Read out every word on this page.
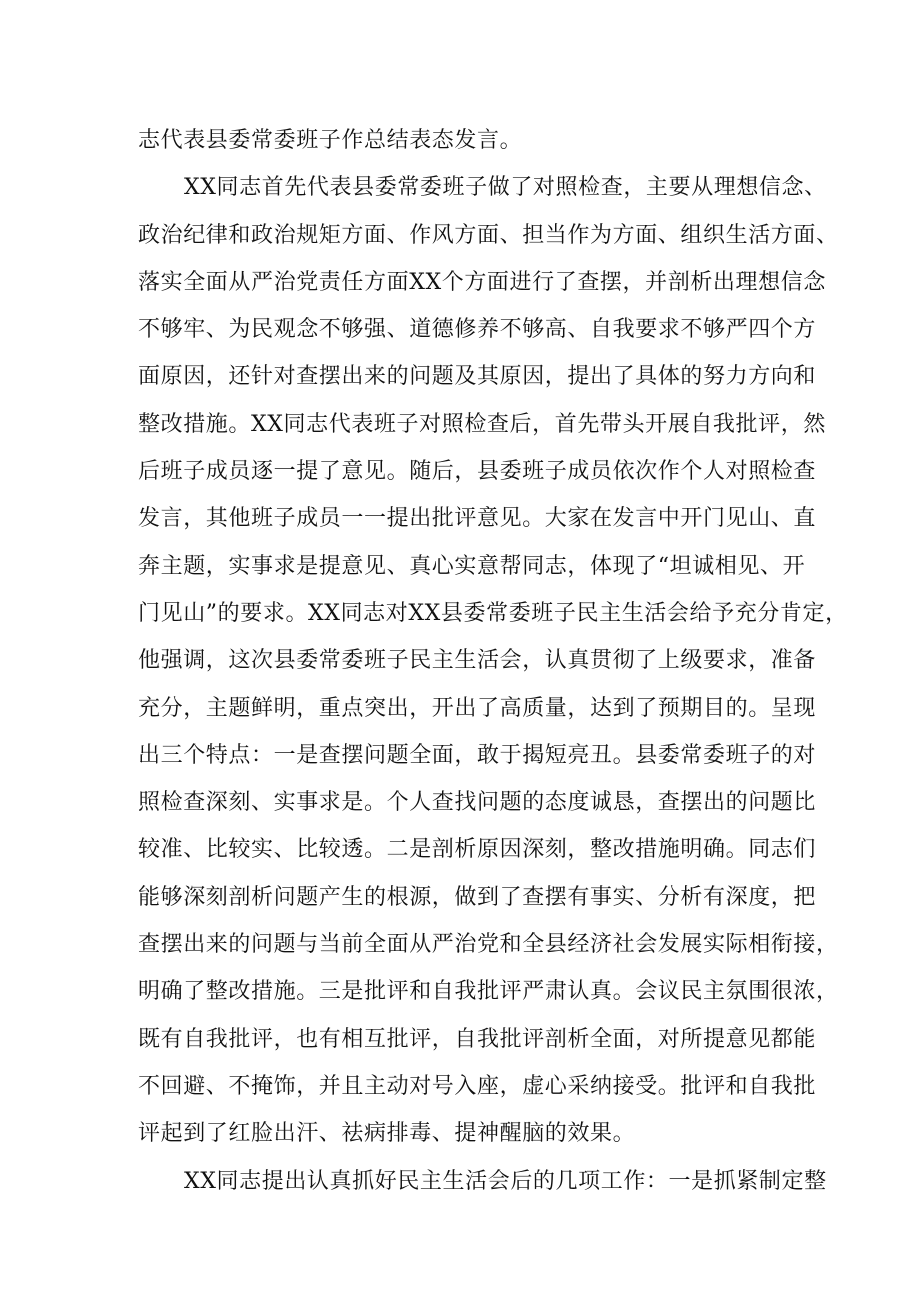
志代表县委常委班子作总结表态发言。
XX同志首先代表县委常委班子做了对照检查，主要从理想信念、
政治纪律和政治规矩方面、作风方面、担当作为方面、组织生活方面、
落实全面从严治党责任方面XX个方面进行了查摆，并剖析出理想信念
不够牢、为民观念不够强、道德修养不够高、自我要求不够严四个方
面原因，还针对查摆出来的问题及其原因，提出了具体的努力方向和
整改措施。XX同志代表班子对照检查后，首先带头开展自我批评，然
后班子成员逐一提了意见。随后，县委班子成员依次作个人对照检查
发言，其他班子成员一一提出批评意见。大家在发言中开门见山、直
奔主题，实事求是提意见、真心实意帮同志，体现了“坦诚相见、开
门见山”的要求。XX同志对XX县委常委班子民主生活会给予充分肯定，
他强调，这次县委常委班子民主生活会，认真贯彻了上级要求，准备
充分，主题鲜明，重点突出，开出了高质量，达到了预期目的。呈现
出三个特点：一是查摆问题全面，敢于揭短亮丑。县委常委班子的对
照检查深刻、实事求是。个人查找问题的态度诚恳，查摆出的问题比
较准、比较实、比较透。二是剖析原因深刻，整改措施明确。同志们
能够深刻剖析问题产生的根源，做到了查摆有事实、分析有深度，把
查摆出来的问题与当前全面从严治党和全县经济社会发展实际相衔接，
明确了整改措施。三是批评和自我批评严肃认真。会议民主氛围很浓，
既有自我批评，也有相互批评，自我批评剖析全面，对所提意见都能
不回避、不掩饰，并且主动对号入座，虚心采纳接受。批评和自我批
评起到了红脸出汗、祛病排毒、提神醒脑的效果。
XX同志提出认真抓好民主生活会后的几项工作：一是抓紧制定整
